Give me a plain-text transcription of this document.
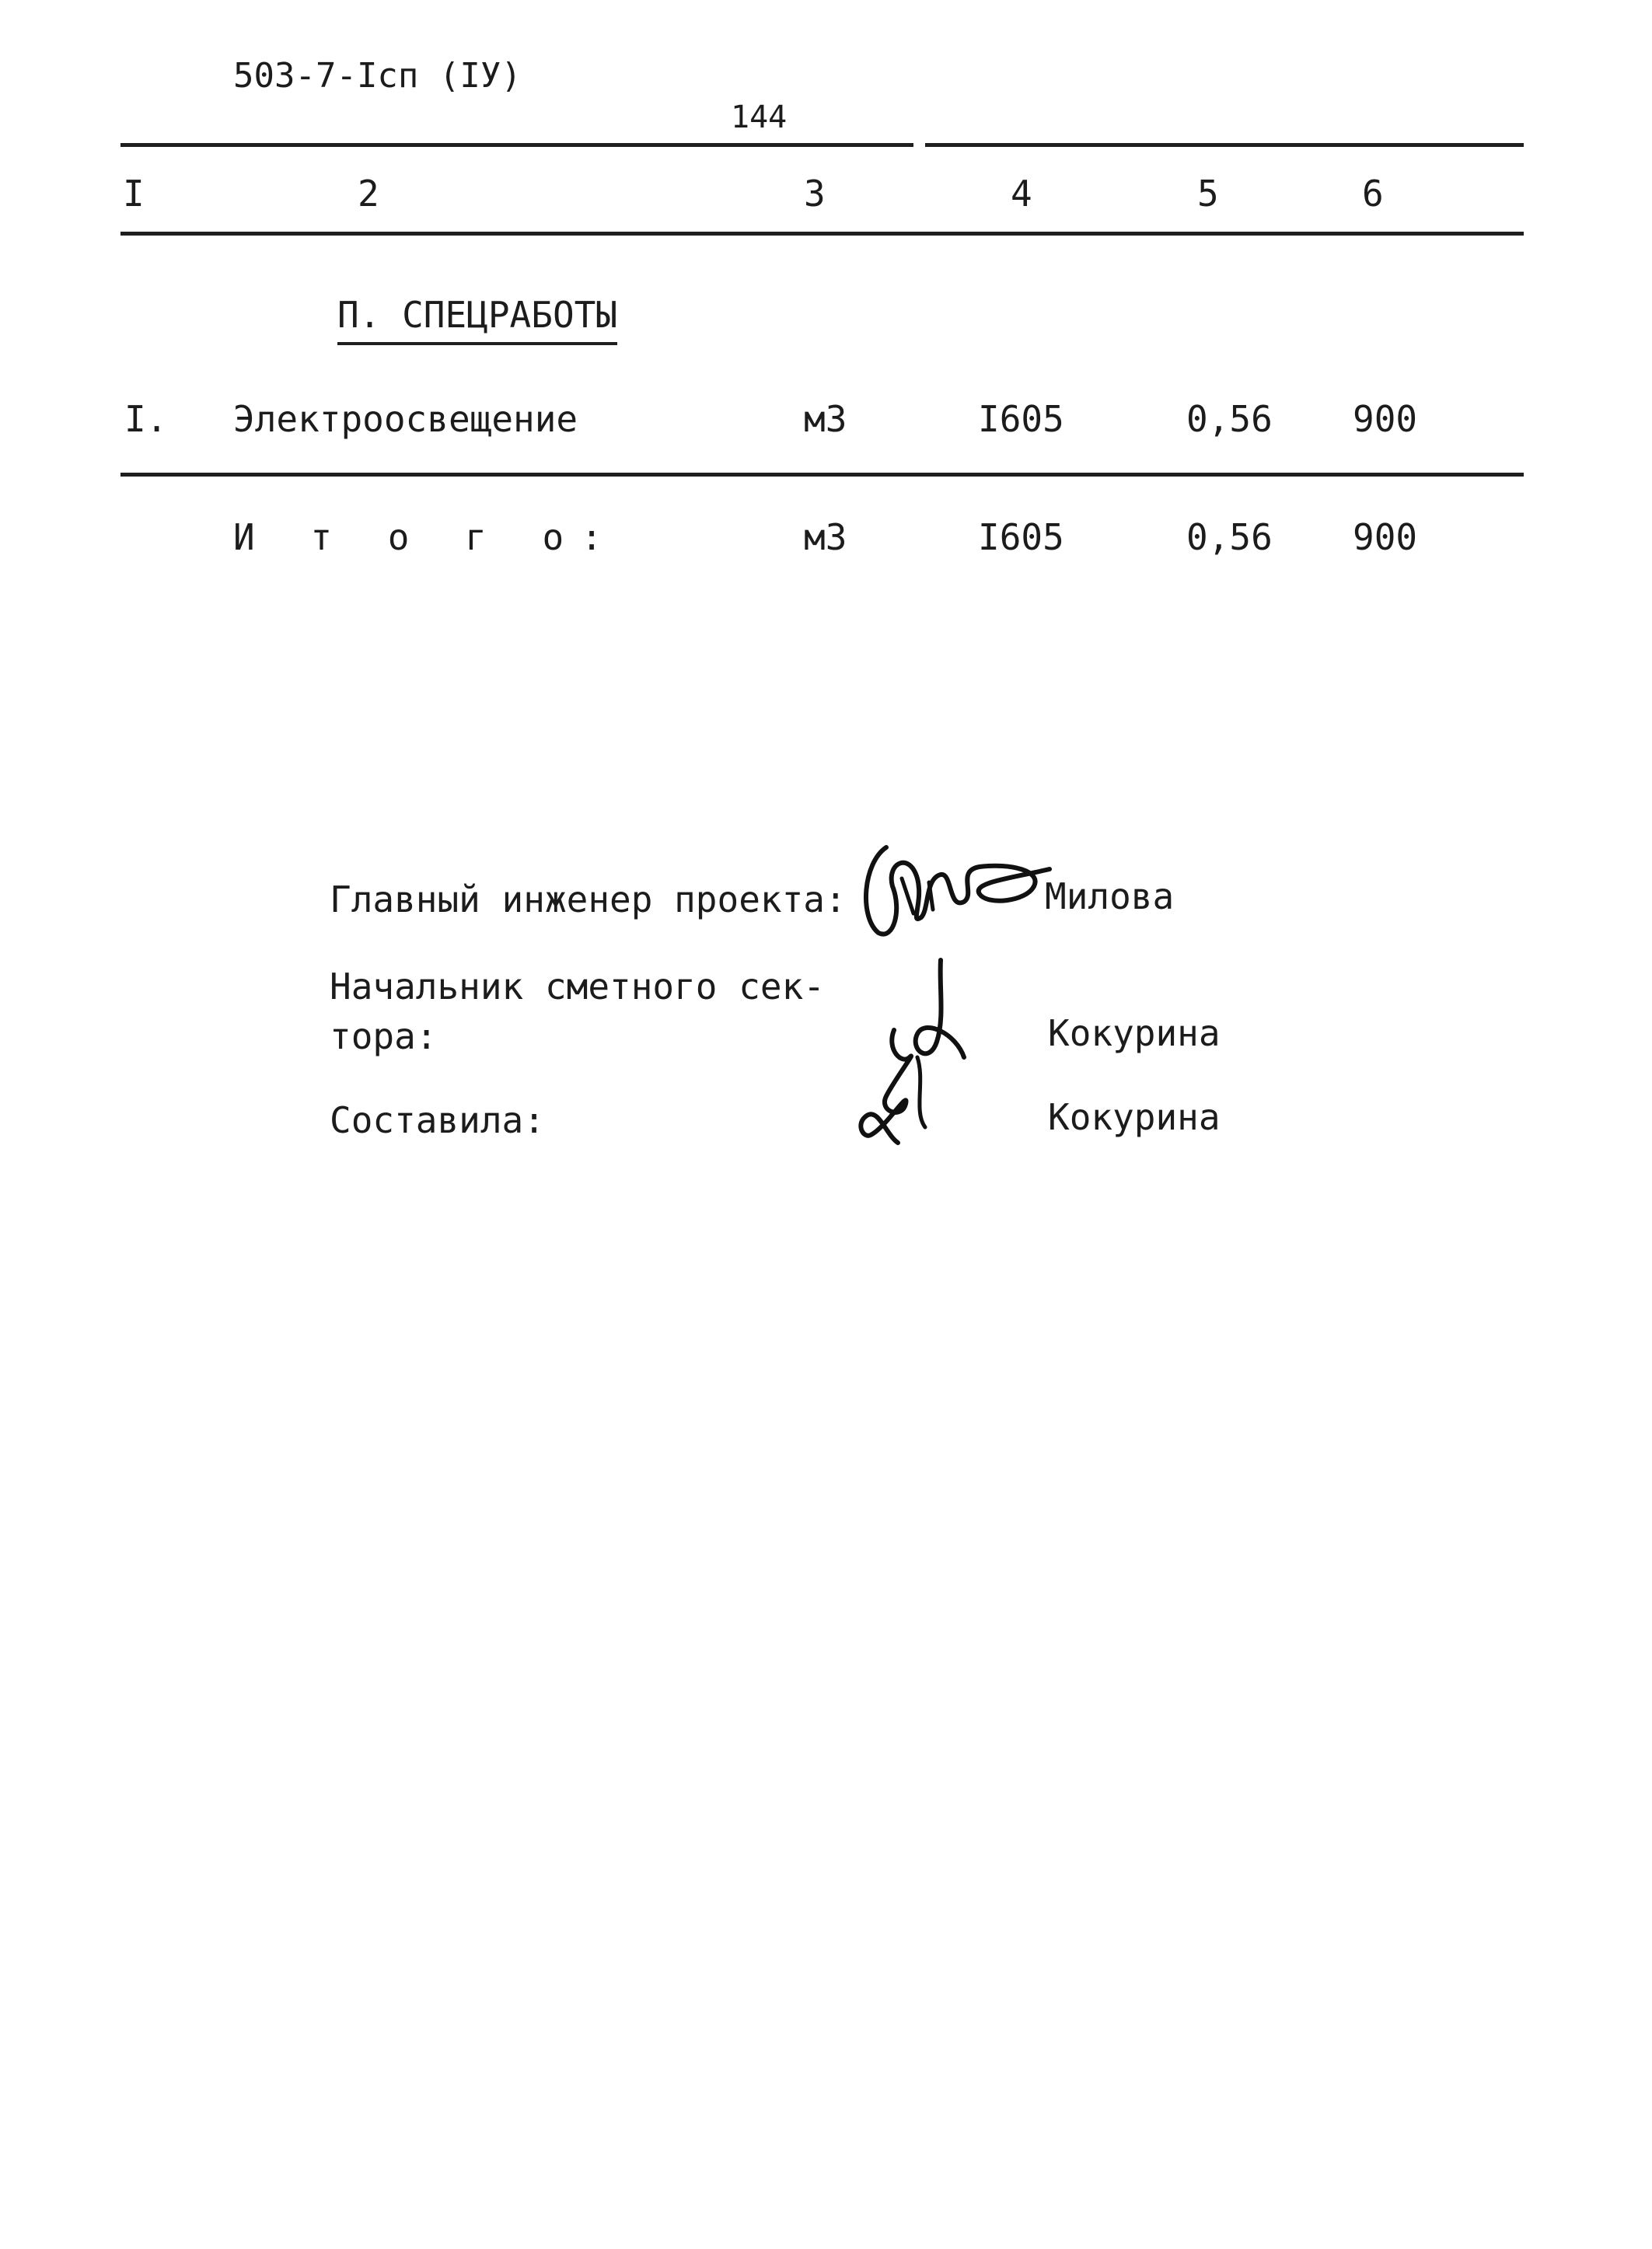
503-7-Iсп (IУ)
144
I	2	3	4	5	6
П. СПЕЦРАБОТЫ
I. Электроосвещение	м3	I605	0,56 900
И т о г о:	м3	I605	0,56 900
Главный инженер проекта:	Милова
Начальник сметного сек-
тора:	Кокурина
Составила:	Кокурина
